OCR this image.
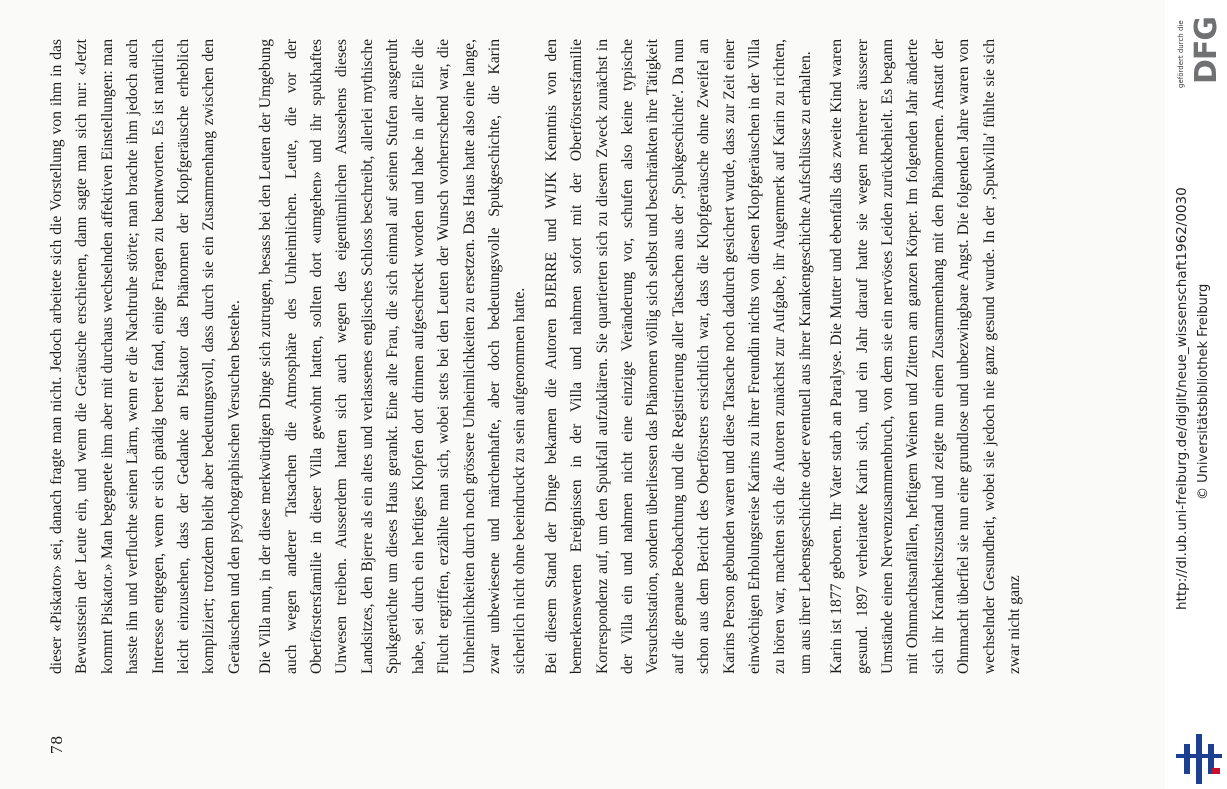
78

dieser «Piskator» sei, danach fragte man nicht. Jedoch arbeitete sich die Vorstellung von ihm in das Bewusstsein der Leute ein, und wenn die Geräusche erschienen, dann sagte man sich nur: «Jetzt kommt Piskator.» Man begegnete ihm aber mit durchaus wechselnden affektiven Einstellungen: man hasste ihn und verfluchte seinen Lärm, wenn er die Nachtruhe störte; man brachte ihm jedoch auch Interesse entgegen, wenn er sich gnädig bereit fand, einige Fragen zu beantworten. Es ist natürlich leicht einzusehen, dass der Gedanke an Piskator das Phänomen der Klopfgeräusche erheblich kompliziert; trotzdem bleibt aber bedeutungsvoll, dass durch sie ein Zusammenhang zwischen den Geräuschen und den psychographischen Versuchen bestehe. Die Villa nun, in der diese merkwürdigen Dinge sich zutrugen, besass bei den Leuten der Umgebung auch wegen anderer Tatsachen die Atmosphäre des Unheimlichen. Leute, die vor der Oberförstersfamilie in dieser Villa gewohnt hatten, sollten dort «umgehen» und ihr spukhaftes Unwesen treiben. Ausserdem hatten sich auch wegen des eigentümlichen Aussehens dieses Landsitzes, den Bjerre als ein altes und verlassenes englisches Schloss beschreibt, allerlei mythische Spukgerüchte um dieses Haus gerankt. Eine alte Frau, die sich einmal auf seinen Stufen ausgeruht habe, sei durch ein heftiges Klopfen dort drinnen aufgeschreckt worden und habe in aller Eile die Flucht ergriffen, erzählte man sich, wobei stets bei den Leuten der Wunsch vorherrschend war, die Unheimlichkeiten durch noch grössere Unheimlichkeiten zu ersetzen. Das Haus hatte also eine lange, zwar unbewiesene und märchenhafte, aber doch bedeutungsvolle Spukgeschichte, die Karin sicherlich nicht ohne beeindruckt zu sein aufgenommen hatte. Bei diesem Stand der Dinge bekamen die Autoren BJERRE und WIJK Kenntnis von den bemerkenswerten Ereignissen in der Villa und nahmen sofort mit der Oberförstersfamilie Korrespondenz auf, um den Spukfall aufzuklären. Sie quartierten sich zu diesem Zweck zunächst in der Villa ein und nahmen nicht eine einzige Veränderung vor, schufen also keine typische Versuchsstation, sondern überliessen das Phänomen völlig sich selbst und beschränkten ihre Tätigkeit auf die genaue Beobachtung und die Registrierung aller Tatsachen aus der ‚Spukgeschichte'. Da nun schon aus dem Bericht des Oberförsters ersichtlich war, dass die Klopfgeräusche ohne Zweifel an Karins Person gebunden waren und diese Tatsache noch dadurch gesichert wurde, dass zur Zeit einer einwöchigen Erholungsreise Karins zu ihrer Freundin nichts von diesen Klopfgeräuschen in der Villa zu hören war, machten sich die Autoren zunächst zur Aufgabe, ihr Augenmerk auf Karin zu richten, um aus ihrer Lebensgeschichte oder eventuell aus ihrer Krankengeschichte Aufschlüsse zu erhalten. Karin ist 1877 geboren. Ihr Vater starb an Paralyse. Die Mutter und ebenfalls das zweite Kind waren gesund. 1897 verheiratete Karin sich, und ein Jahr darauf hatte sie wegen mehrerer äusserer Umstände einen Nervenzusammenbruch, von dem sie ein nervöses Leiden zurückbehielt. Es begann mit Ohnmachtsanfällen, heftigem Weinen und Zittern am ganzen Körper. Im folgenden Jahr änderte sich ihr Krankheitszustand und zeigte nun einen Zusammenhang mit den Phänomenen. Anstatt der Ohnmacht überfiel sie nun eine grundlose und unbezwingbare Angst. Die folgenden Jahre waren von wechselnder Gesundheit, wobei sie jedoch nie ganz gesund wurde. In der ‚Spukvilla' fühlte sie sich zwar nicht ganz

gefördert durch die DFG
http://dl.ub.uni-freiburg.de/diglit/neue_wissenschaft1962/0030 © Universitätsbibliothek Freiburg
